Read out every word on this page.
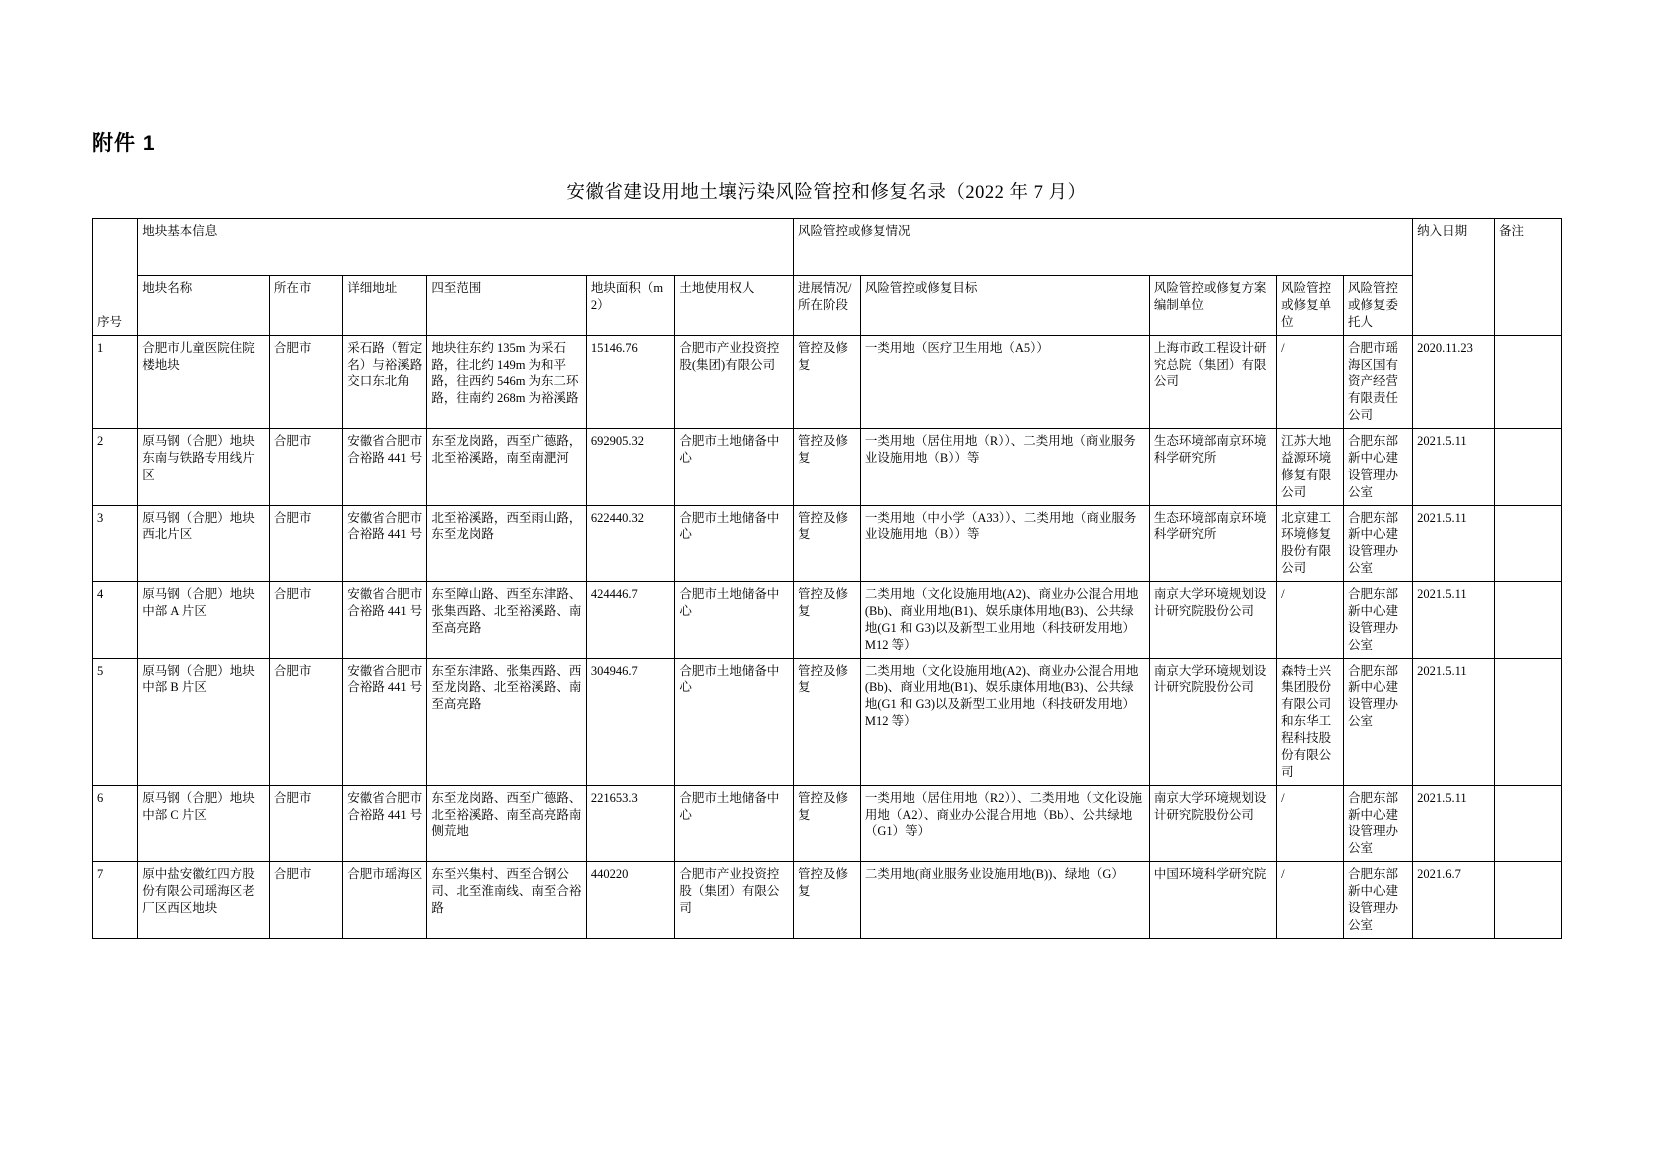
附件 1
安徽省建设用地土壤污染风险管控和修复名录（2022 年 7 月）
序号	地块基本信息						风险管控或修复情况					纳入日期	备注
	地块名称	所在市	详细地址	四至范围	地块面积（m2）	土地使用权人	进展情况/所在阶段	风险管控或修复目标	风险管控或修复方案编制单位	风险管控或修复单位	风险管控或修复委托人		
1	合肥市儿童医院住院楼地块	合肥市	采石路（暂定名）与裕溪路交口东北角	地块往东约 135m 为采石路，往北约 149m 为和平路，往西约 546m 为东二环路，往南约 268m 为裕溪路	15146.76	合肥市产业投资控股(集团)有限公司	管控及修复	一类用地（医疗卫生用地（A5））	上海市政工程设计研究总院（集团）有限公司	/	合肥市瑶海区国有资产经营有限责任公司	2020.11.23	
2	原马钢（合肥）地块东南与铁路专用线片区	合肥市	安徽省合肥市合裕路 441 号	东至龙岗路，西至广德路，北至裕溪路，南至南淝河	692905.32	合肥市土地储备中心	管控及修复	一类用地（居住用地（R））、二类用地（商业服务业设施用地（B））等	生态环境部南京环境科学研究所	江苏大地益源环境修复有限公司	合肥东部新中心建设管理办公室	2021.5.11	
3	原马钢（合肥）地块西北片区	合肥市	安徽省合肥市合裕路 441 号	北至裕溪路，西至雨山路，东至龙岗路	622440.32	合肥市土地储备中心	管控及修复	一类用地（中小学（A33））、二类用地（商业服务业设施用地（B））等	生态环境部南京环境科学研究所	北京建工环境修复股份有限公司	合肥东部新中心建设管理办公室	2021.5.11	
4	原马钢（合肥）地块中部 A 片区	合肥市	安徽省合肥市合裕路 441 号	东至障山路、西至东津路、张集西路、北至裕溪路、南至高亮路	424446.7	合肥市土地储备中心	管控及修复	二类用地（文化设施用地(A2)、商业办公混合用地(Bb)、商业用地(B1)、娱乐康体用地(B3)、公共绿地(G1 和 G3)以及新型工业用地（科技研发用地）M12 等）	南京大学环境规划设计研究院股份公司	/	合肥东部新中心建设管理办公室	2021.5.11	
5	原马钢（合肥）地块中部 B 片区	合肥市	安徽省合肥市合裕路 441 号	东至东津路、张集西路、西至龙岗路、北至裕溪路、南至高亮路	304946.7	合肥市土地储备中心	管控及修复	二类用地（文化设施用地(A2)、商业办公混合用地(Bb)、商业用地(B1)、娱乐康体用地(B3)、公共绿地(G1 和 G3)以及新型工业用地（科技研发用地）M12 等）	南京大学环境规划设计研究院股份公司	森特士兴集团股份有限公司和东华工程科技股份有限公司	合肥东部新中心建设管理办公室	2021.5.11	
6	原马钢（合肥）地块中部 C 片区	合肥市	安徽省合肥市合裕路 441 号	东至龙岗路、西至广德路、北至裕溪路、南至高亮路南侧荒地	221653.3	合肥市土地储备中心	管控及修复	一类用地（居住用地（R2））、二类用地（文化设施用地（A2）、商业办公混合用地（Bb）、公共绿地（G1）等）	南京大学环境规划设计研究院股份公司	/	合肥东部新中心建设管理办公室	2021.5.11	
7	原中盐安徽红四方股份有限公司瑶海区老厂区西区地块	合肥市	合肥市瑶海区	东至兴集村、西至合钢公司、北至淮南线、南至合裕路	440220	合肥市产业投资控股（集团）有限公司	管控及修复	二类用地(商业服务业设施用地(B))、绿地（G）	中国环境科学研究院	/	合肥东部新中心建设管理办公室	2021.6.7	
